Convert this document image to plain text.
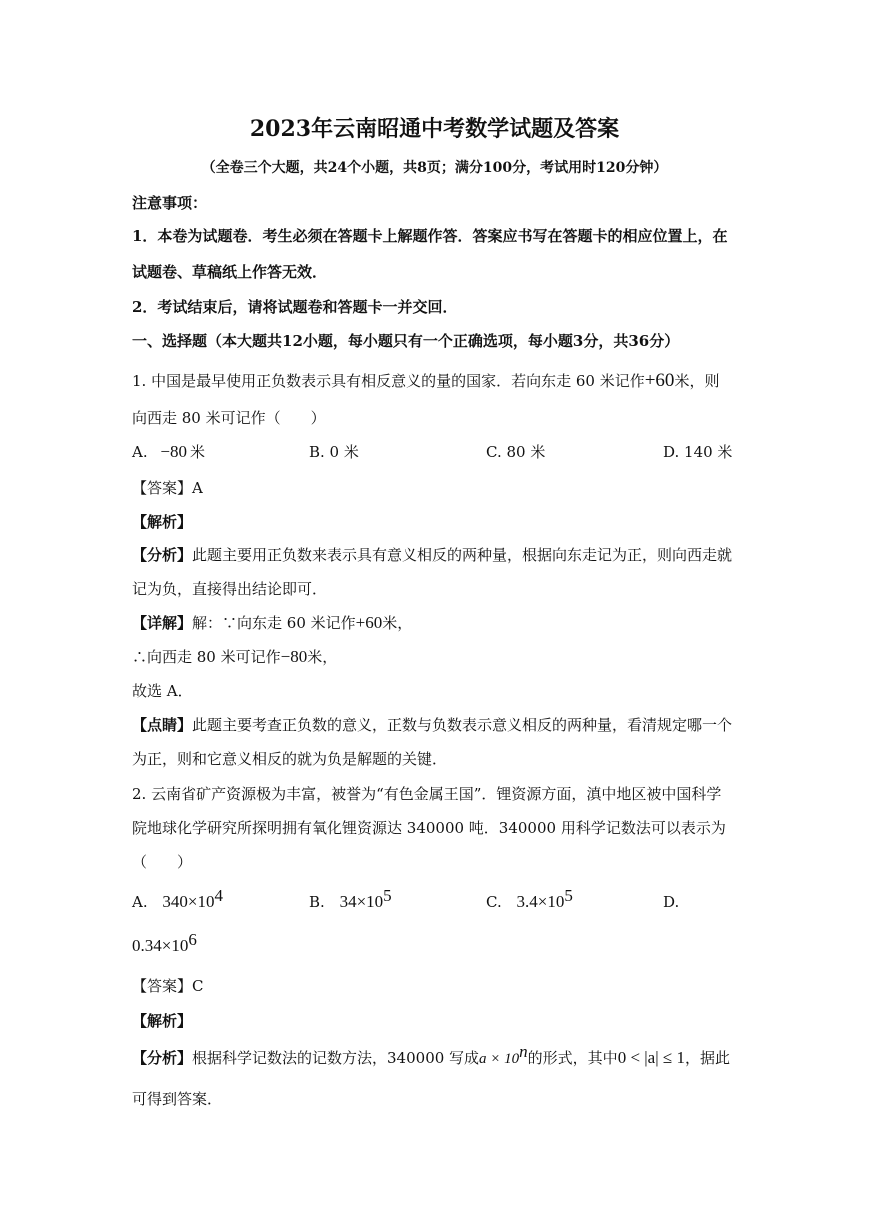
2023年云南昭通中考数学试题及答案
（全卷三个大题，共24个小题，共8页；满分100分，考试用时120分钟）
注意事项：
1．本卷为试题卷．考生必须在答题卡上解题作答．答案应书写在答题卡的相应位置上，在
试题卷、草稿纸上作答无效．
2．考试结束后，请将试题卷和答题卡一并交回．
一、选择题（本大题共12小题，每小题只有一个正确选项，每小题3分，共36分）
1. 中国是最早使用正负数表示具有相反意义的量的国家．若向东走 60 米记作+60米，则
向西走 80 米可记作（　　）
A. −80 米	B. 0 米	C. 80 米	D. 140 米
【答案】A
【解析】
【分析】此题主要用正负数来表示具有意义相反的两种量，根据向东走记为正，则向西走就
记为负，直接得出结论即可．
【详解】解：∵向东走 60 米记作+60米，
∴向西走 80 米可记作−80米，
故选 A．
【点睛】此题主要考查正负数的意义，正数与负数表示意义相反的两种量，看清规定哪一个
为正，则和它意义相反的就为负是解题的关键．
2. 云南省矿产资源极为丰富，被誉为“有色金属王国”．锂资源方面，滇中地区被中国科学
院地球化学研究所探明拥有氧化锂资源达 340000 吨．340000 用科学记数法可以表示为
（　　）
A. $340\times 10^4$	B. $34\times 10^5$	C. $3.4\times 10^5$	D.
$0.34\times 10^6$
【答案】C
【解析】
【分析】根据科学记数法的记数方法，340000 写成$a \times 10^n$的形式，其中0 < |a| ≤ 1，据此
可得到答案．
